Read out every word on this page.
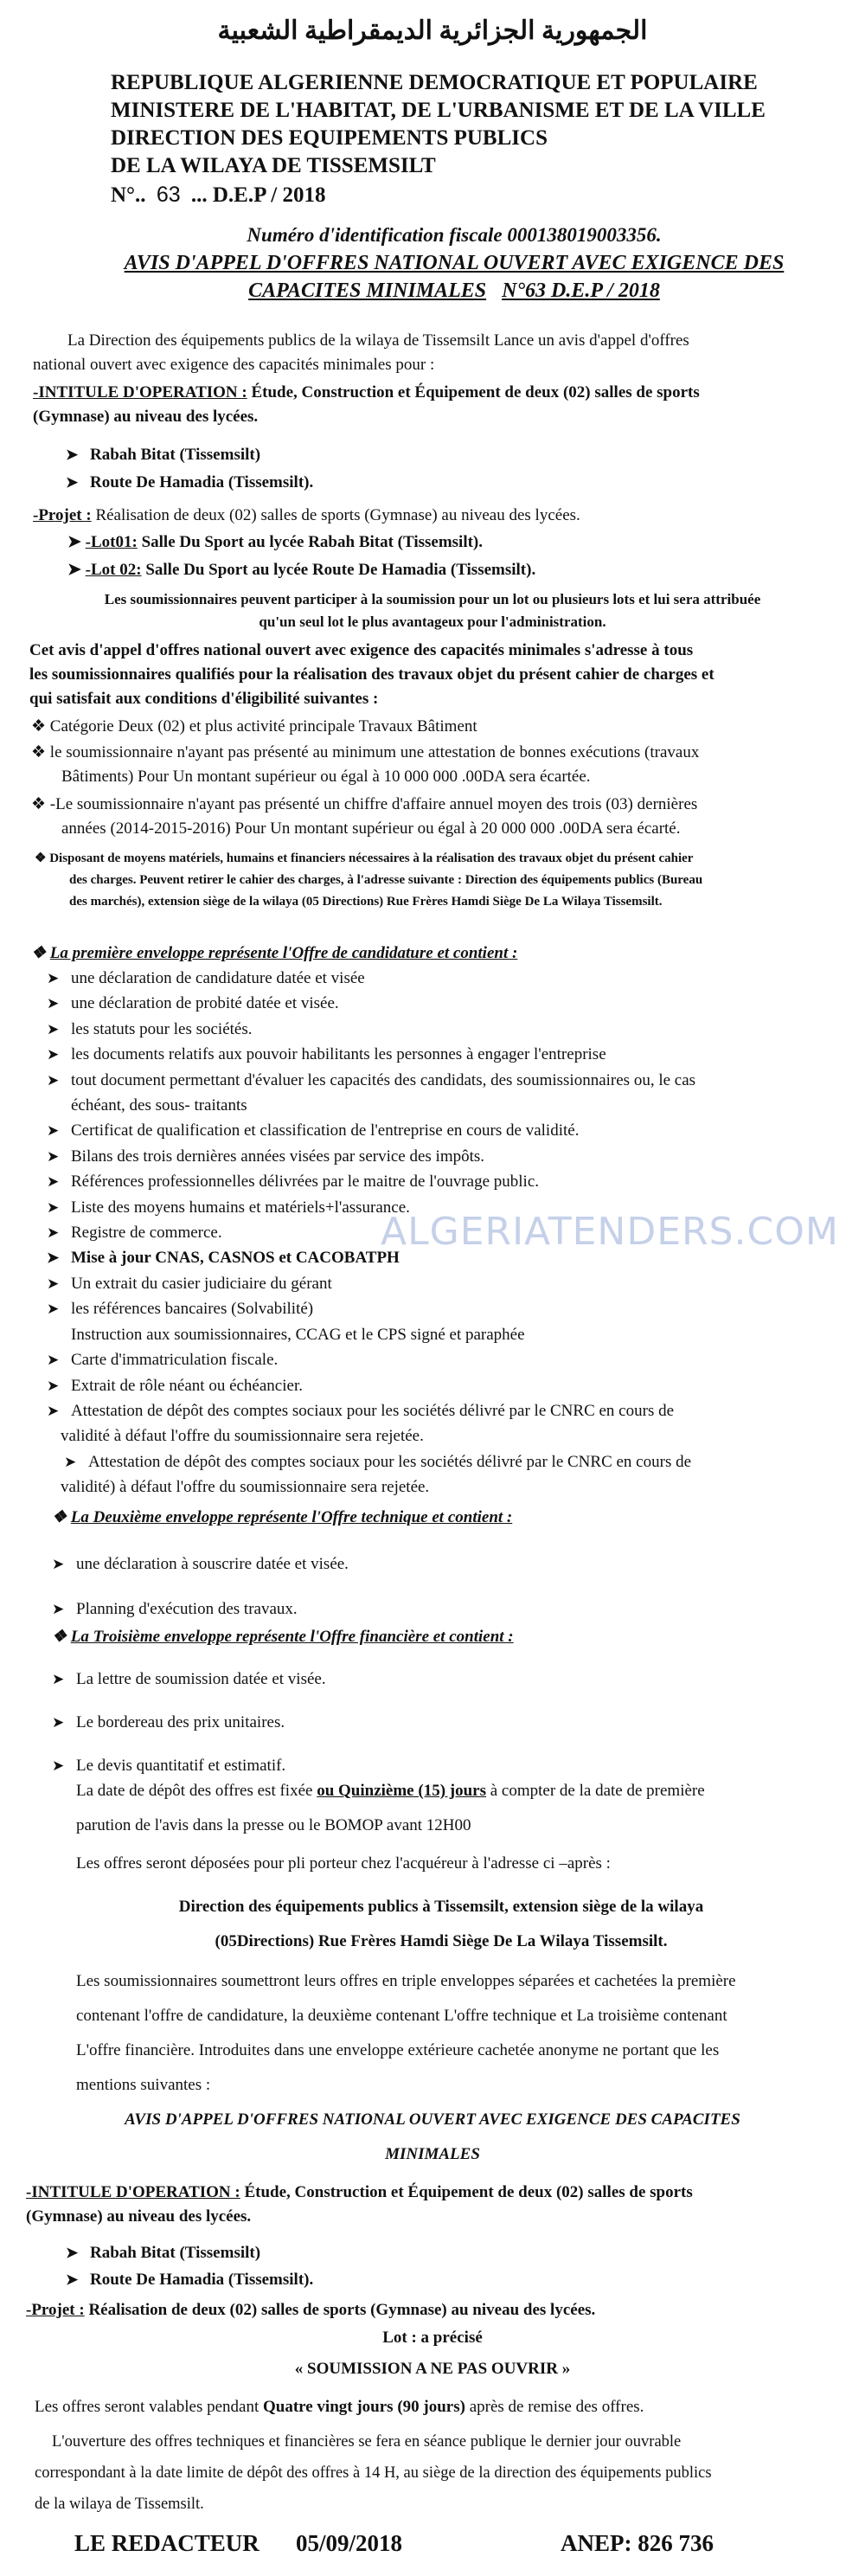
الجمهورية الجزائرية الديمقراطية الشعبية
REPUBLIQUE ALGERIENNE DEMOCRATIQUE ET POPULAIRE
MINISTERE DE L'HABITAT, DE L'URBANISME ET DE LA VILLE
DIRECTION DES EQUIPEMENTS PUBLICS
DE LA WILAYA DE TISSEMSILT
N°.. 63 ... D.E.P / 2018
Numéro d'identification fiscale 000138019003356.
AVIS D'APPEL D'OFFRES NATIONAL OUVERT AVEC EXIGENCE DES
CAPACITES MINIMALES N°63 D.E.P / 2018

La Direction des équipements publics de la wilaya de Tissemsilt Lance un avis d'appel d'offres

national ouvert avec exigence des capacités minimales pour :

-INTITULE D'OPERATION : Étude, Construction et Équipement de deux (02) salles de sports

(Gymnase) au niveau des lycées.

➤ Rabah Bitat (Tissemsilt)
➤ Route De Hamadia (Tissemsilt).
-Projet : Réalisation de deux (02) salles de sports (Gymnase) au niveau des lycées.
➤ -Lot01: Salle Du Sport au lycée Rabah Bitat (Tissemsilt).
➤ -Lot 02: Salle Du Sport au lycée Route De Hamadia (Tissemsilt).

Les soumissionnaires peuvent participer à la soumission pour un lot ou plusieurs lots et lui sera attribuée

qu'un seul lot le plus avantageux pour l'administration.

Cet avis d'appel d'offres national ouvert avec exigence des capacités minimales s'adresse à tous

les soumissionnaires qualifiés pour la réalisation des travaux objet du présent cahier de charges et

qui satisfait aux conditions d'éligibilité suivantes :

❖ Catégorie Deux (02) et plus activité principale Travaux Bâtiment

❖ le soumissionnaire n'ayant pas présenté au minimum une attestation de bonnes exécutions (travaux

Bâtiments) Pour Un montant supérieur ou égal à 10 000 000 .00DA sera écartée.

❖ -Le soumissionnaire n'ayant pas présenté un chiffre d'affaire annuel moyen des trois (03) dernières

années (2014-2015-2016) Pour Un montant supérieur ou égal à 20 000 000 .00DA sera écarté.

❖ Disposant de moyens matériels, humains et financiers nécessaires à la réalisation des travaux objet du présent cahier

des charges. Peuvent retirer le cahier des charges, à l'adresse suivante : Direction des équipements publics (Bureau

des marchés), extension siège de la wilaya (05 Directions) Rue Frères Hamdi Siège De La Wilaya Tissemsilt.

❖ La première enveloppe représente l'Offre de candidature et contient :
➤ une déclaration de candidature datée et visée
➤ une déclaration de probité datée et visée.
➤ les statuts pour les sociétés.
➤ les documents relatifs aux pouvoir habilitants les personnes à engager l'entreprise
➤ tout document permettant d'évaluer les capacités des candidats, des soumissionnaires ou, le cas
échéant, des sous- traitants
➤ Certificat de qualification et classification de l'entreprise en cours de validité.
➤ Bilans des trois dernières années visées par service des impôts.
➤ Références professionnelles délivrées par le maitre de l'ouvrage public.
➤ Liste des moyens humains et matériels+l'assurance.
➤ Registre de commerce.
➤ Mise à jour CNAS, CASNOS et CACOBATPH
➤ Un extrait du casier judiciaire du gérant
➤ les références bancaires (Solvabilité)
Instruction aux soumissionnaires, CCAG et le CPS signé et paraphée
➤ Carte d'immatriculation fiscale.
➤ Extrait de rôle néant ou échéancier.
➤ Attestation de dépôt des comptes sociaux pour les sociétés délivré par le CNRC en cours de
validité à défaut l'offre du soumissionnaire sera rejetée.
➤ Attestation de dépôt des comptes sociaux pour les sociétés délivré par le CNRC en cours de
validité) à défaut l'offre du soumissionnaire sera rejetée.
ALGERIATENDERS.COM
❖ La Deuxième enveloppe représente l'Offre technique et contient :
➤ une déclaration à souscrire datée et visée.
➤ Planning d'exécution des travaux.
❖ La Troisième enveloppe représente l'Offre financière et contient :
➤ La lettre de soumission datée et visée.
➤ Le bordereau des prix unitaires.
➤ Le devis quantitatif et estimatif.

La date de dépôt des offres est fixée ou Quinzième (15) jours à compter de la date de première

parution de l'avis dans la presse ou le BOMOP avant 12H00

Les offres seront déposées pour pli porteur chez l'acquéreur à l'adresse ci –après :

Direction des équipements publics à Tissemsilt, extension siège de la wilaya

(05Directions) Rue Frères Hamdi Siège De La Wilaya Tissemsilt.

Les soumissionnaires soumettront leurs offres en triple enveloppes séparées et cachetées la première

contenant l'offre de candidature, la deuxième contenant L'offre technique et La troisième contenant

L'offre financière. Introduites dans une enveloppe extérieure cachetée anonyme ne portant que les

mentions suivantes :

AVIS D'APPEL D'OFFRES NATIONAL OUVERT AVEC EXIGENCE DES CAPACITES

MINIMALES

-INTITULE D'OPERATION : Étude, Construction et Équipement de deux (02) salles de sports

(Gymnase) au niveau des lycées.

➤ Rabah Bitat (Tissemsilt)
➤ Route De Hamadia (Tissemsilt).
-Projet : Réalisation de deux (02) salles de sports (Gymnase) au niveau des lycées.
Lot : a précisé
« SOUMISSION A NE PAS OUVRIR »
Les offres seront valables pendant Quatre vingt jours (90 jours) après de remise des offres.

L'ouverture des offres techniques et financières se fera en séance publique le dernier jour ouvrable

correspondant à la date limite de dépôt des offres à 14 H, au siège de la direction des équipements publics

de la wilaya de Tissemsilt.

LE REDACTEUR 05/09/2018	ANEP: 826 736
